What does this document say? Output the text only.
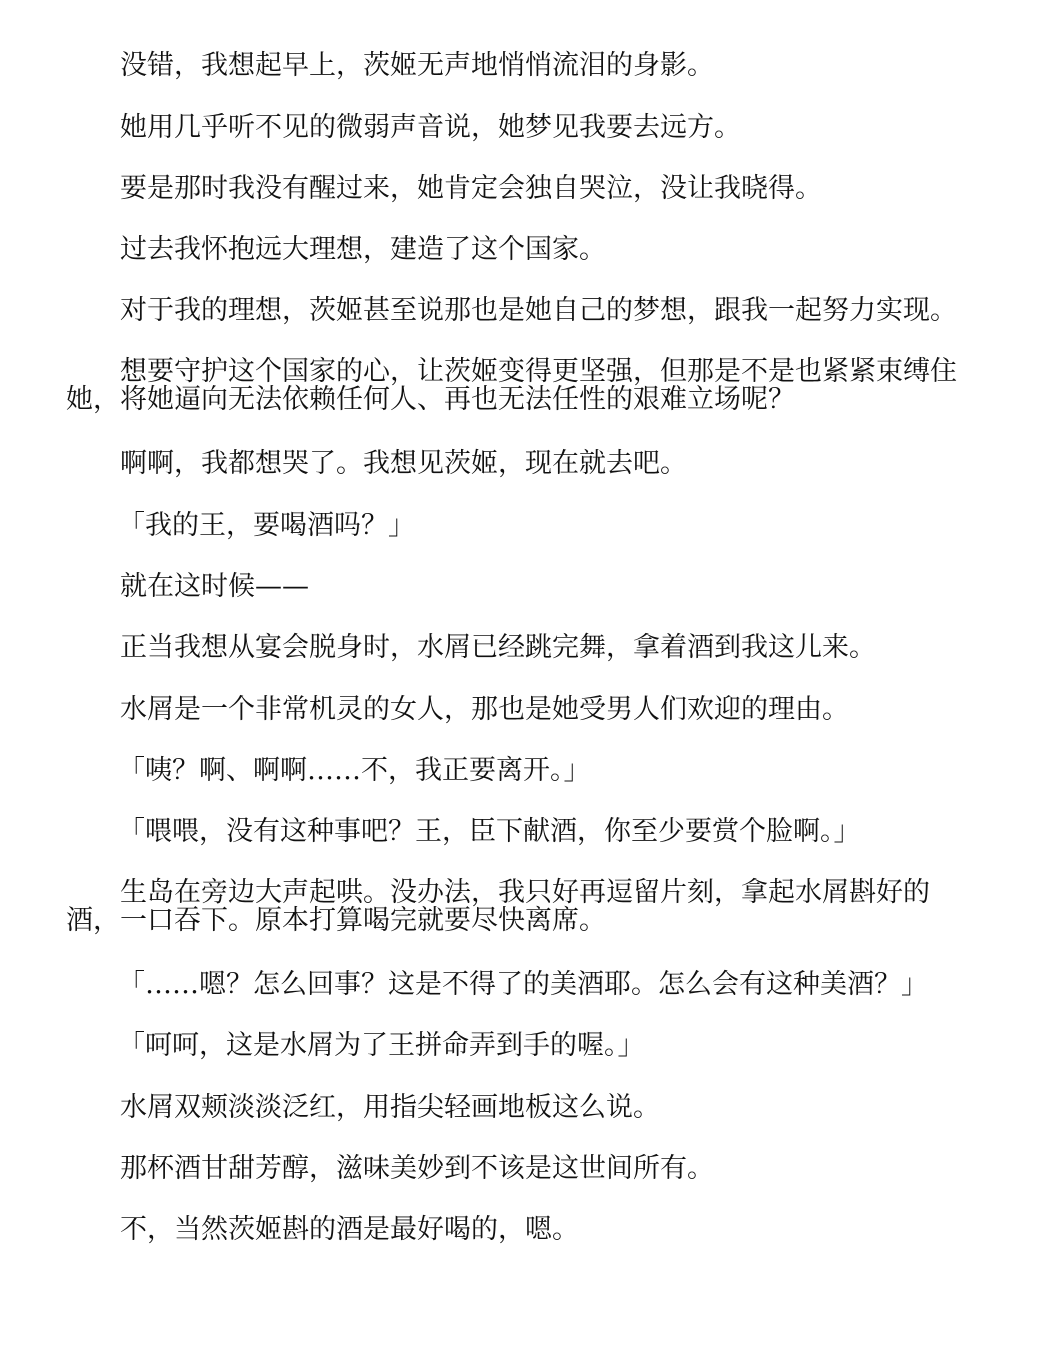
没错，我想起早上，茨姬无声地悄悄流泪的身影。

她用几乎听不见的微弱声音说，她梦见我要去远方。

要是那时我没有醒过来，她肯定会独自哭泣，没让我晓得。

过去我怀抱远大理想，建造了这个国家。

对于我的理想，茨姬甚至说那也是她自己的梦想，跟我一起努力实现。

想要守护这个国家的心，让茨姬变得更坚强，但那是不是也紧紧束缚住她，将她逼向无法依赖任何人、再也无法任性的艰难立场呢？

啊啊，我都想哭了。我想见茨姬，现在就去吧。

「我的王，要喝酒吗？」

就在这时候——

正当我想从宴会脱身时，水屑已经跳完舞，拿着酒到我这儿来。

水屑是一个非常机灵的女人，那也是她受男人们欢迎的理由。

「咦？啊、啊啊……不，我正要离开。」

「喂喂，没有这种事吧？王，臣下献酒，你至少要赏个脸啊。」

生岛在旁边大声起哄。没办法，我只好再逗留片刻，拿起水屑斟好的酒，一口吞下。原本打算喝完就要尽快离席。

「……嗯？怎么回事？这是不得了的美酒耶。怎么会有这种美酒？」

「呵呵，这是水屑为了王拼命弄到手的喔。」

水屑双颊淡淡泛红，用指尖轻画地板这么说。

那杯酒甘甜芳醇，滋味美妙到不该是这世间所有。

不，当然茨姬斟的酒是最好喝的，嗯。
